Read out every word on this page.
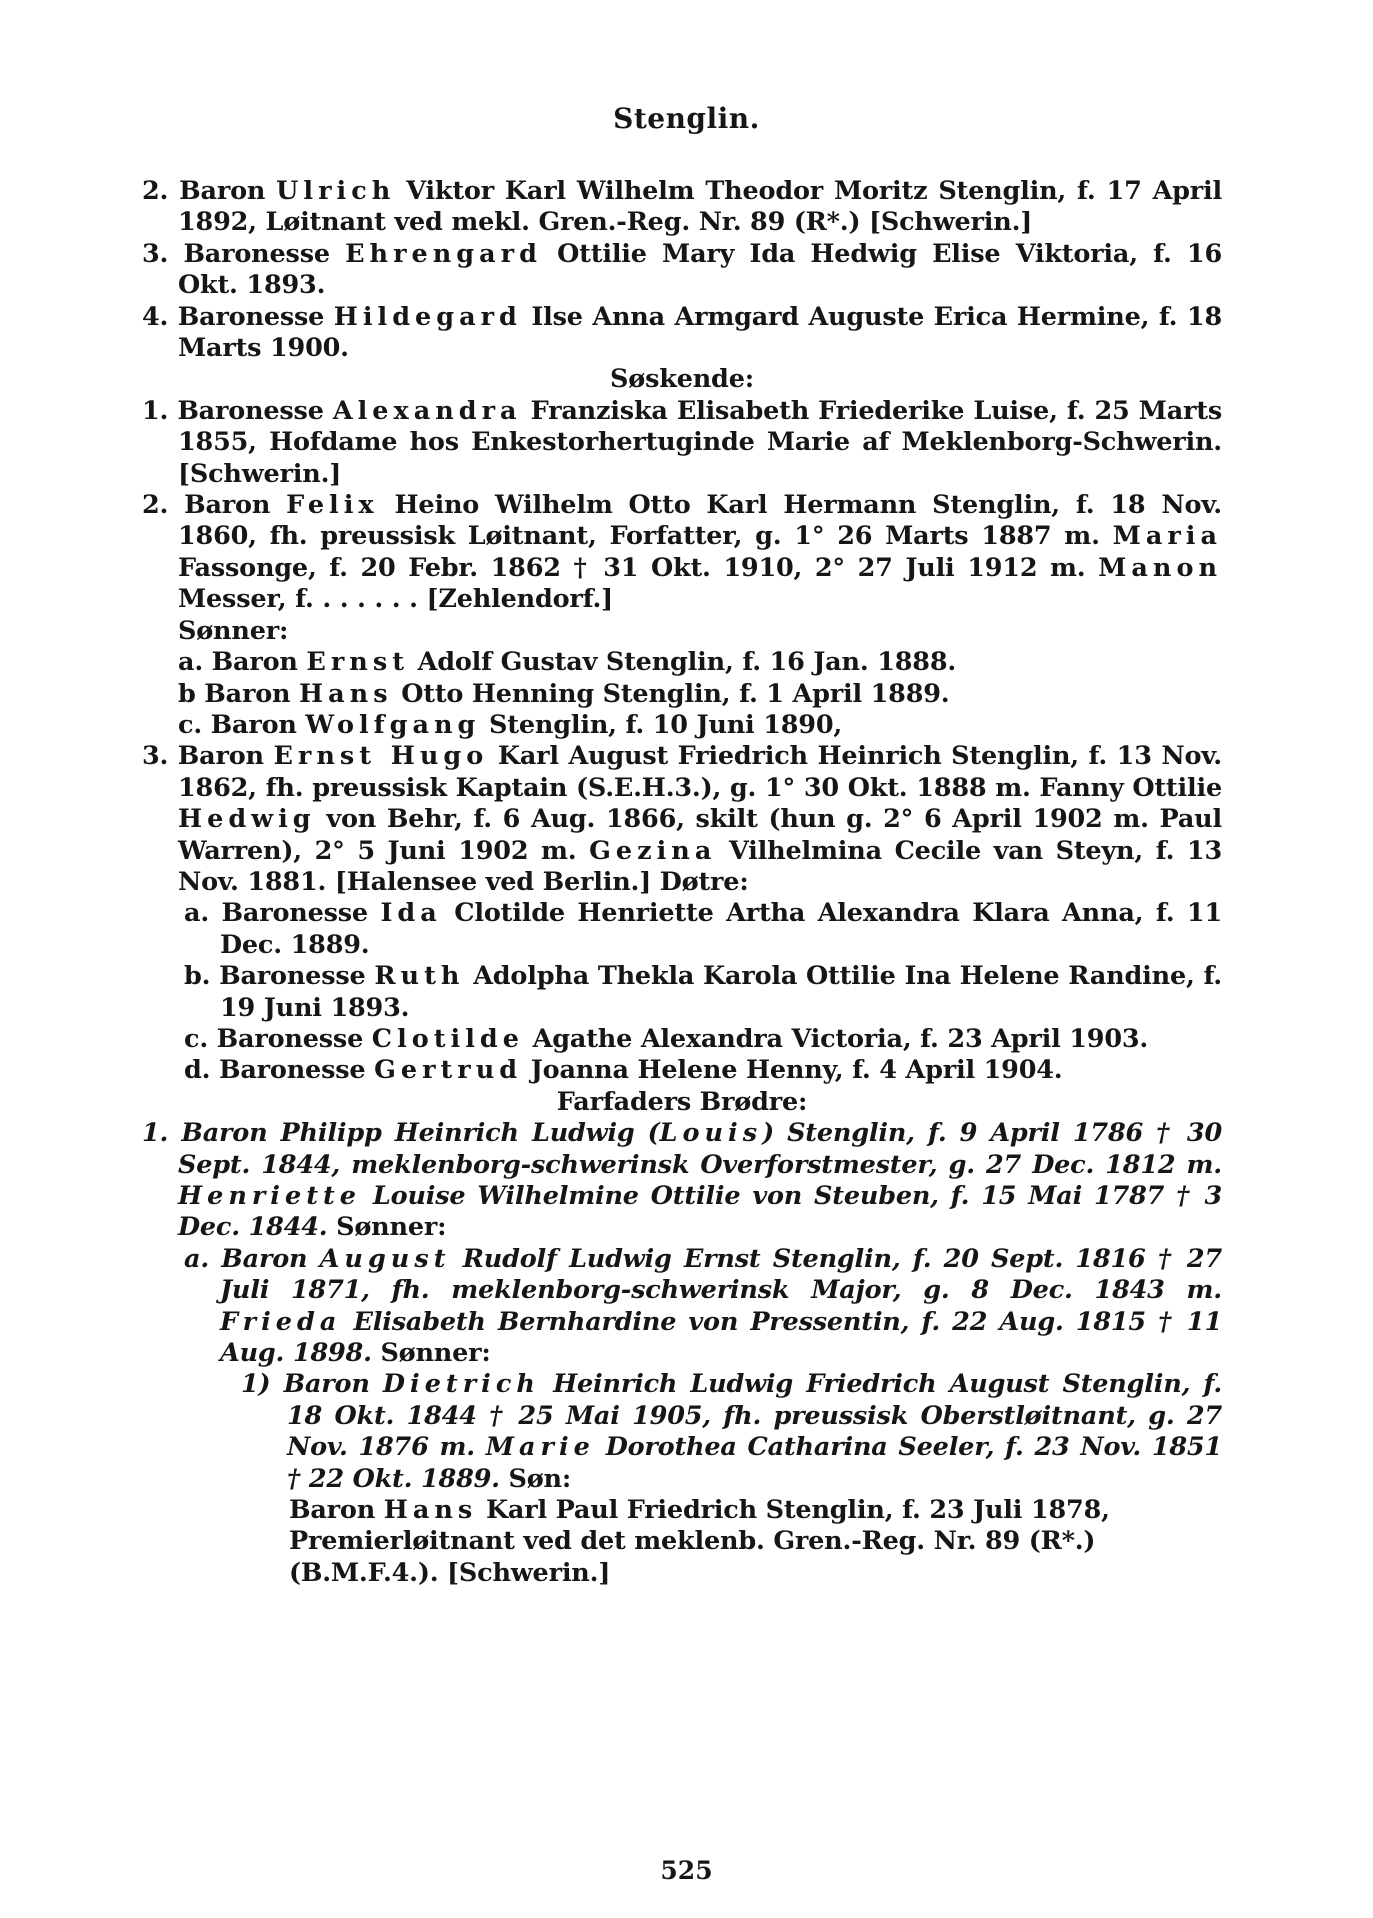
Stenglin.
2. Baron Ulrich Viktor Karl Wilhelm Theodor Moritz Stenglin, f. 17 April 1892, Løitnant ved mekl. Gren.-Reg. Nr. 89 (R*.) [Schwerin.]
3. Baronesse Ehrengard Ottilie Mary Ida Hedwig Elise Viktoria, f. 16 Okt. 1893.
4. Baronesse Hildegard Ilse Anna Armgard Auguste Erica Hermine, f. 18 Marts 1900.
Søskende:
1. Baronesse Alexandra Franziska Elisabeth Friederike Luise, f. 25 Marts 1855, Hofdame hos Enkestorhertuginde Marie af Meklenborg-Schwerin. [Schwerin.]
2. Baron Felix Heino Wilhelm Otto Karl Hermann Stenglin, f. 18 Nov. 1860, fh. preussisk Løitnant, Forfatter, g. 1° 26 Marts 1887 m. Maria Fassonge, f. 20 Febr. 1862 † 31 Okt. 1910, 2° 27 Juli 1912 m. Manon Messer, f. . . . . . . [Zehlendorf.]
Sønner:
a. Baron Ernst Adolf Gustav Stenglin, f. 16 Jan. 1888.
b Baron Hans Otto Henning Stenglin, f. 1 April 1889.
c. Baron Wolfgang Stenglin, f. 10 Juni 1890,
3. Baron Ernst Hugo Karl August Friedrich Heinrich Stenglin, f. 13 Nov. 1862, fh. preussisk Kaptain (S.E.H.3.), g. 1° 30 Okt. 1888 m. Fanny Ottilie Hedwig von Behr, f. 6 Aug. 1866, skilt (hun g. 2° 6 April 1902 m. Paul Warren), 2° 5 Juni 1902 m. Gezina Vilhelmina Cecile van Steyn, f. 13 Nov. 1881. [Halensee ved Berlin.] Døtre:
a. Baronesse Ida Clotilde Henriette Artha Alexandra Klara Anna, f. 11 Dec. 1889.
b. Baronesse Ruth Adolpha Thekla Karola Ottilie Ina Helene Randine, f. 19 Juni 1893.
c. Baronesse Clotilde Agathe Alexandra Victoria, f. 23 April 1903.
d. Baronesse Gertrud Joanna Helene Henny, f. 4 April 1904.
Farfaders Brødre:
1. Baron Philipp Heinrich Ludwig (Louis) Stenglin, f. 9 April 1786 † 30 Sept. 1844, meklenborg-schwerinsk Overforstmester, g. 27 Dec. 1812 m. Henriette Louise Wilhelmine Ottilie von Steuben, f. 15 Mai 1787 † 3 Dec. 1844. Sønner:
a. Baron August Rudolf Ludwig Ernst Stenglin, f. 20 Sept. 1816 † 27 Juli 1871, fh. meklenborg-schwerinsk Major, g. 8 Dec. 1843 m. Frieda Elisabeth Bernhardine von Pressentin, f. 22 Aug. 1815 † 11 Aug. 1898. Sønner:
1) Baron Dietrich Heinrich Ludwig Friedrich August Stenglin, f. 18 Okt. 1844 † 25 Mai 1905, fh. preussisk Oberstløitnant, g. 27 Nov. 1876 m. Marie Dorothea Catharina Seeler, f. 23 Nov. 1851 † 22 Okt. 1889. Søn:
Baron Hans Karl Paul Friedrich Stenglin, f. 23 Juli 1878, Premierløitnant ved det meklenb. Gren.-Reg. Nr. 89 (R*.) (B.M.F.4.). [Schwerin.]
525
